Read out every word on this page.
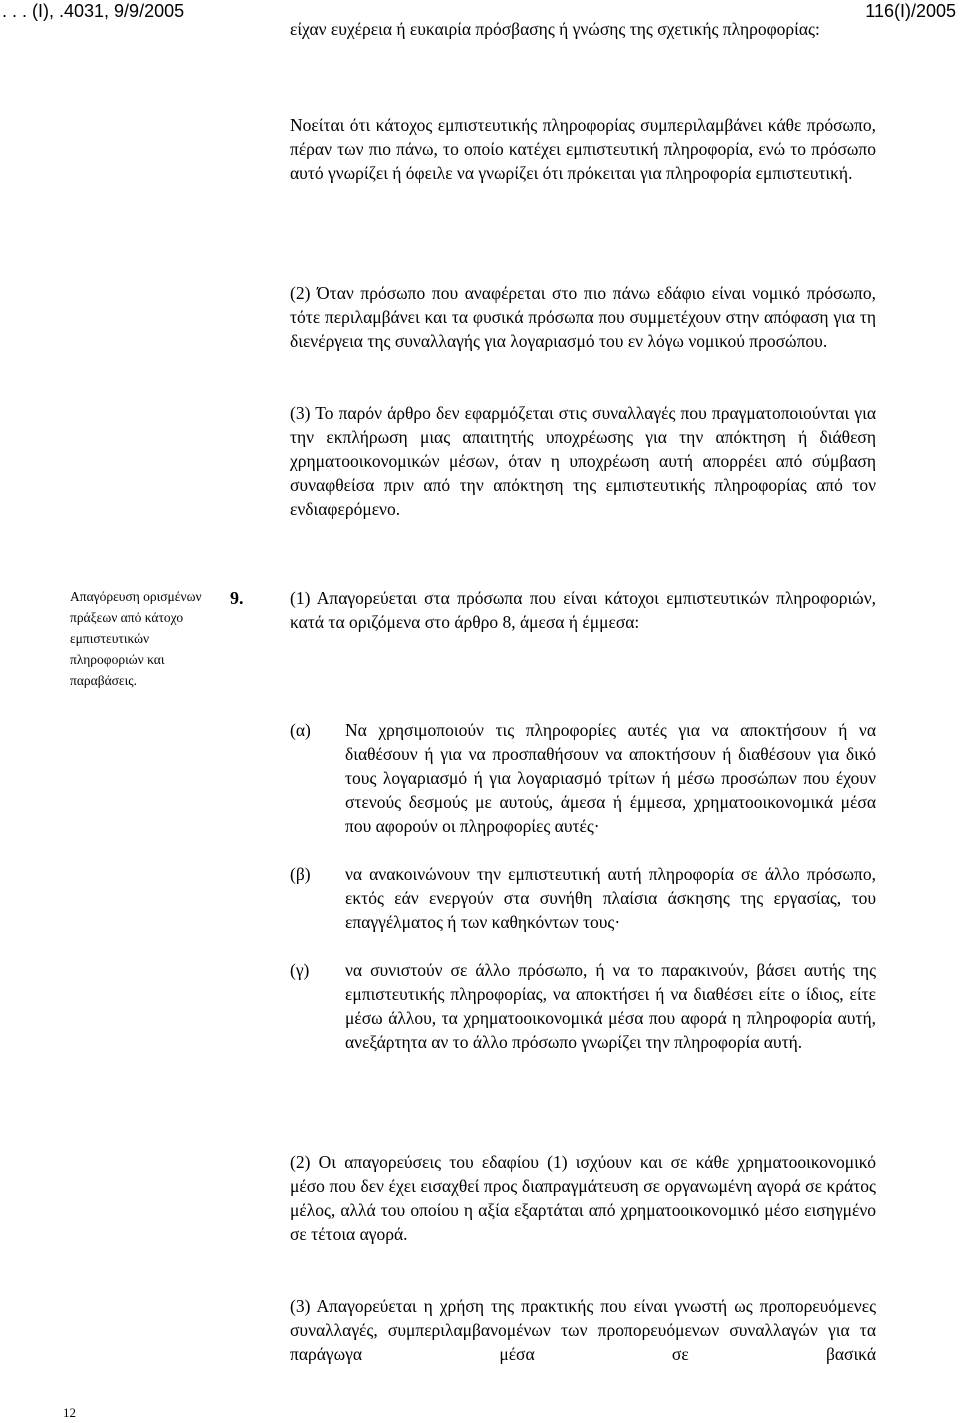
. . . (Ι), .4031, 9/9/2005	116(Ι)/2005
είχαν ευχέρεια ή ευκαιρία πρόσβασης ή γνώσης της σχετικής πληροφορίας:
Νοείται ότι κάτοχος εμπιστευτικής πληροφορίας συμπεριλαμβάνει κάθε πρόσωπο, πέραν των πιο πάνω, το οποίο κατέχει εμπιστευτική πληροφορία, ενώ το πρόσωπο αυτό γνωρίζει ή όφειλε να γνωρίζει ότι πρόκειται για πληροφορία εμπιστευτική.
(2) Όταν πρόσωπο που αναφέρεται στο πιο πάνω εδάφιο είναι νομικό πρόσωπο, τότε περιλαμβάνει και τα φυσικά πρόσωπα που συμμετέχουν στην απόφαση για τη διενέργεια της συναλλαγής για λογαριασμό του εν λόγω νομικού προσώπου.
(3) Το παρόν άρθρο δεν εφαρμόζεται στις συναλλαγές που πραγματοποιούνται για την εκπλήρωση μιας απαιτητής υποχρέωσης για την απόκτηση ή διάθεση χρηματοοικονομικών μέσων, όταν η υποχρέωση αυτή απορρέει από σύμβαση συναφθείσα πριν από την απόκτηση της εμπιστευτικής πληροφορίας από τον ενδιαφερόμενο.
Απαγόρευση ορισμένων πράξεων από κάτοχο εμπιστευτικών πληροφοριών και παραβάσεις.
9.	(1) Απαγορεύεται στα πρόσωπα που είναι κάτοχοι εμπιστευτικών πληροφοριών, κατά τα οριζόμενα στο άρθρο 8, άμεσα ή έμμεσα:
(α) Να χρησιμοποιούν τις πληροφορίες αυτές για να αποκτήσουν ή να διαθέσουν ή για να προσπαθήσουν να αποκτήσουν ή διαθέσουν για δικό τους λογαριασμό ή για λογαριασμό τρίτων ή μέσω προσώπων που έχουν στενούς δεσμούς με αυτούς, άμεσα ή έμμεσα, χρηματοοικονομικά μέσα που αφορούν οι πληροφορίες αυτές·
(β) να ανακοινώνουν την εμπιστευτική αυτή πληροφορία σε άλλο πρόσωπο, εκτός εάν ενεργούν στα συνήθη πλαίσια άσκησης της εργασίας, του επαγγέλματος ή των καθηκόντων τους·
(γ) να συνιστούν σε άλλο πρόσωπο, ή να το παρακινούν, βάσει αυτής της εμπιστευτικής πληροφορίας, να αποκτήσει ή να διαθέσει είτε ο ίδιος, είτε μέσω άλλου, τα χρηματοοικονομικά μέσα που αφορά η πληροφορία αυτή, ανεξάρτητα αν το άλλο πρόσωπο γνωρίζει την πληροφορία αυτή.
(2) Οι απαγορεύσεις του εδαφίου (1) ισχύουν και σε κάθε χρηματοοικονομικό μέσο που δεν έχει εισαχθεί προς διαπραγμάτευση σε οργανωμένη αγορά σε κράτος μέλος, αλλά του οποίου η αξία εξαρτάται από χρηματοοικονομικό μέσο εισηγμένο σε τέτοια αγορά.
(3) Απαγορεύεται η χρήση της πρακτικής που είναι γνωστή ως προπορευόμενες συναλλαγές, συμπεριλαμβανομένων των προπορευόμενων συναλλαγών για τα παράγωγα μέσα σε βασικά
12
